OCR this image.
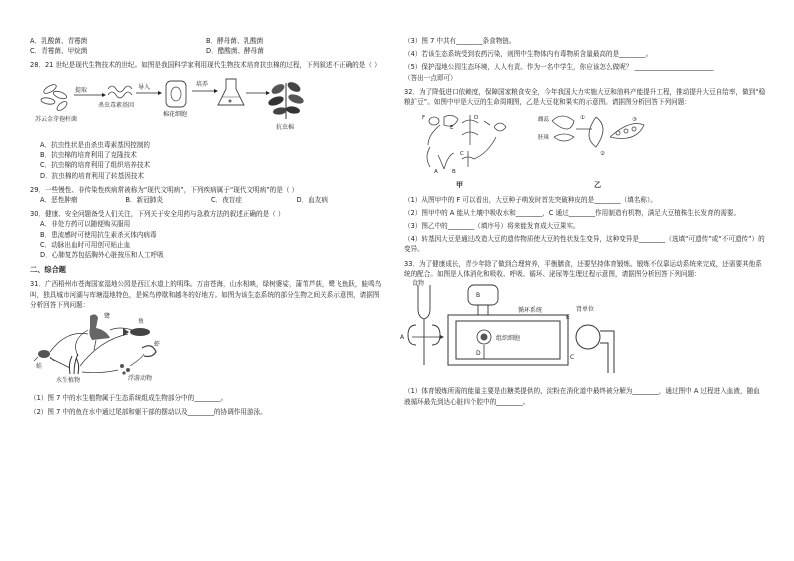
A．乳酸菌、青霉菌	B．酵母菌、乳酸菌
C．青霉菌、甲烷菌	D．醋酸菌、酵母菌

28．21 世纪是现代生物技术的世纪。如图是我国科学家利用现代生物技术培育抗虫棉的过程，下列叙述不正确的是（ ）

苏云金芽孢杆菌
提取
杀虫毒素基因
导入
棉花细胞
培养
抗虫棉

A．抗虫性状是由杀虫毒素基因控制的

B．抗虫棉的培育利用了克隆技术

C．抗虫棉的培育利用了组织培养技术

D．抗虫棉的培育利用了转基因技术

29．一些慢性、非传染性疾病常被称为“现代文明病”，下列疾病属于“现代文明病”的是（ ）

A．恶性肿瘤	B．新冠肺炎	C．夜盲症	D．血友病

30．健康、安全问题备受人们关注，下列关于安全用药与急救方法的叙述正确的是（ ）

A．非处方药可以随便购买服用

B．患流感时可使用抗生素杀灭体内病毒

C．动脉出血时可用创可贴止血

D．心肺复苏包括胸外心脏按压和人工呼吸

二、综合题

31．广西梧州市苍海国家湿地公园是西江水道上的明珠。万亩苍海，山水相映，绿树婆娑，蒲苇芦荻，鹭飞鱼跃，蛙鸣鸟叫，独具城市河湖与库塘湿地特色，是候鸟停歇和越冬的好地方。如图为该生态系统的部分生物之间关系示意图，请据图分析回答下列问题：

鹭
鱼
虾
蛙
水生植物	浮游动物

（1）图 7 中的水生植物属于生态系统组成生物部分中的________。

（2）图 7 中的鱼在水中通过尾部和躯干部的摆动以及________的协调作用游泳。

（3）图 7 中共有________条食物链。

（4）若该生态系统受到农药污染，则图中生物体内有毒物质含量最高的是________。

（5）保护湿地公园生态环境，人人有责。作为一名中学生，你应该怎么做呢？ ________________________

（答出一点即可）

32．为了降低进口依赖度，保障国家粮食安全，今年我国大力实施大豆和油料产能提升工程，推动提升大豆自给率，做到“稳粮扩豆”。如图中甲是大豆的生命周期图，乙是大豆花和果实的示意图。请据图分析回答下列问题：

F
E
D
C
B
A
甲
雌蕊
胚珠
①
②
③
乙

（1）从图甲中的 F 可以看出，大豆种子萌发时首先突破种皮的是________（填名称）。

（2）图甲中的 A 能从土壤中吸收水和________，C 通过________作用制造有机物，满足大豆植株生长发育的需要。

（3）图乙中的________（填序号）将来能发育成大豆果实。

（4）转基因大豆是通过改造大豆的遗传物质使大豆的性状发生变异，这种变异是________（选填“可遗传”或“不可遗传”）的变异。

33．为了健康成长，青少年除了做到合理营养，平衡膳食，还要坚持体育锻炼。锻炼不仅靠运动系统来完成，还需要其他系统的配合。如图是人体消化和吸收、呼吸、循环、泌尿等生理过程示意图，请据图分析回答下列问题：

食物
A
B
循环系统
组织细胞
D
肾单位
E
C

（1）体育锻炼所需的能量主要是由糖类提供的，淀粉在消化道中最终被分解为________，通过图中 A 过程进入血液，随血液循环最先到达心脏四个腔中的________。
